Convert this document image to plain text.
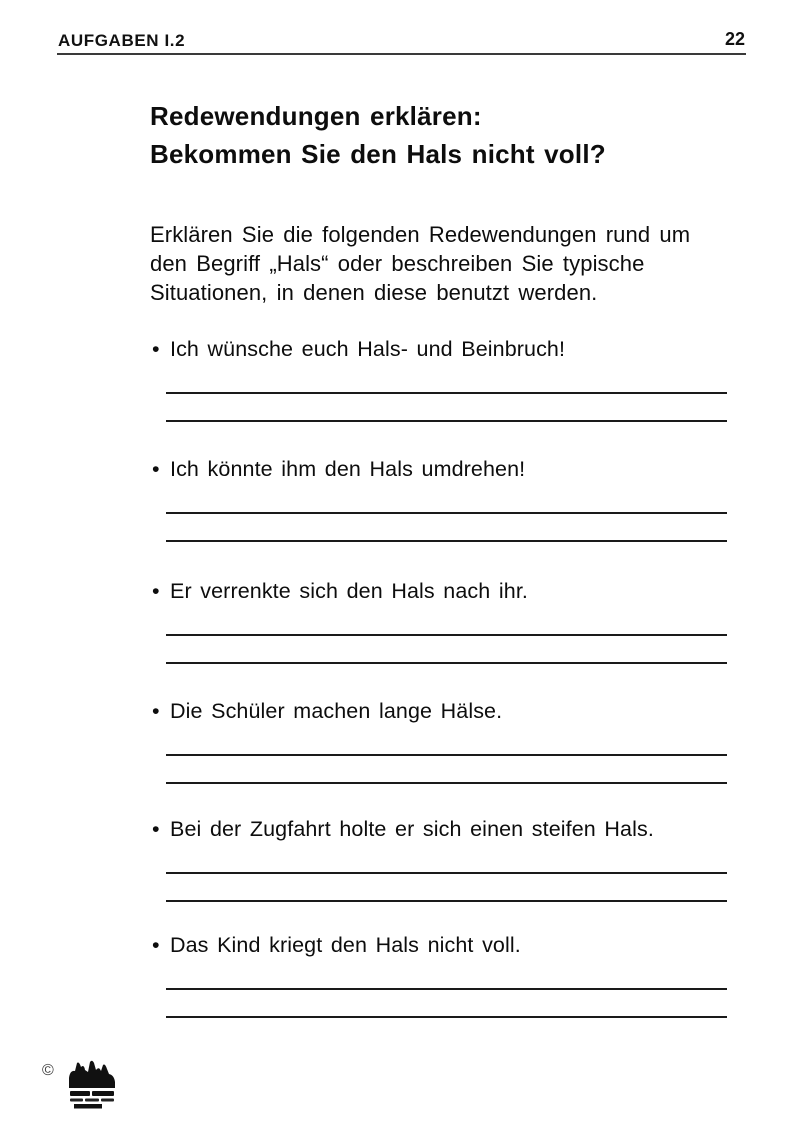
AUFGABEN I.2	22
Redewendungen erklären:
Bekommen Sie den Hals nicht voll?
Erklären Sie die folgenden Redewendungen rund um
den Begriff „Hals“ oder beschreiben Sie typische
Situationen, in denen diese benutzt werden.
• Ich wünsche euch Hals- und Beinbruch!
• Ich könnte ihm den Hals umdrehen!
• Er verrenkte sich den Hals nach ihr.
• Die Schüler machen lange Hälse.
• Bei der Zugfahrt holte er sich einen steifen Hals.
• Das Kind kriegt den Hals nicht voll.
©
